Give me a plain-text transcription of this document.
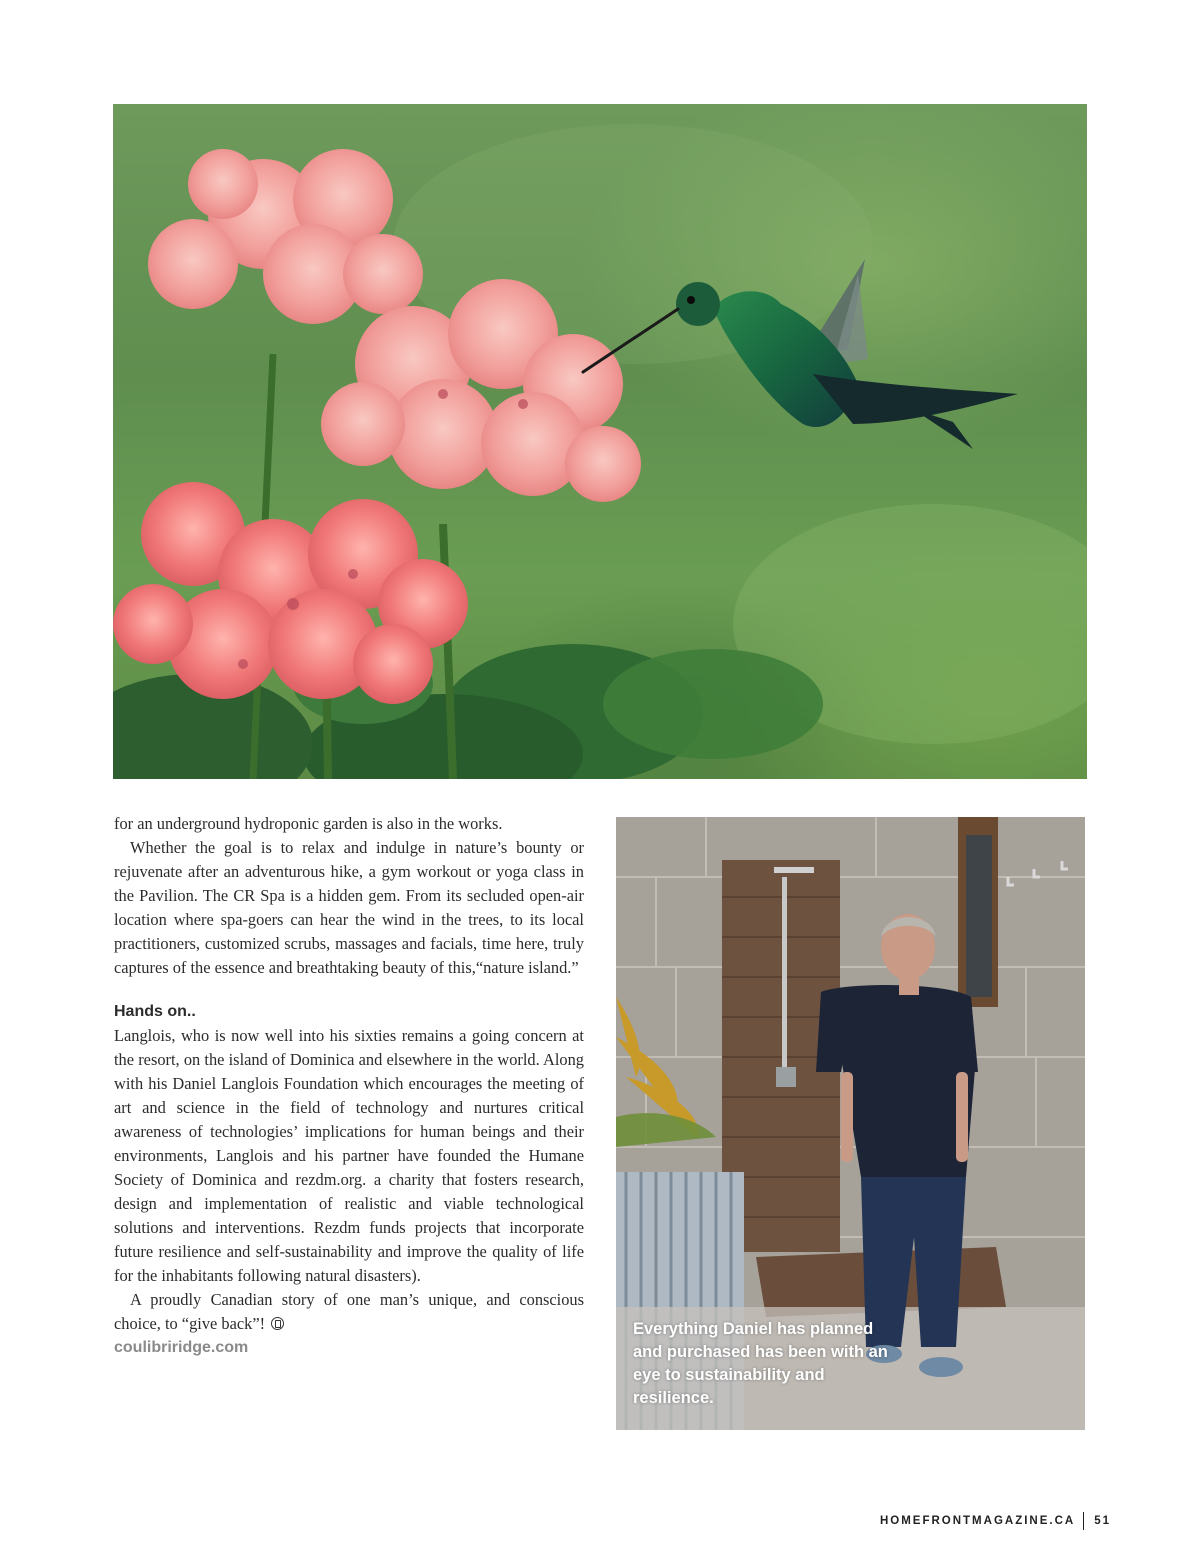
for an underground hydroponic garden is also in the works.

Whether the goal is to relax and indulge in nature’s bounty or rejuvenate after an adventurous hike, a gym workout or yoga class in the Pavilion. The CR Spa is a hidden gem. From its secluded open-air location where spa-goers can hear the wind in the trees, to its local practitioners, customized scrubs, massages and facials, time here, truly captures of the essence and breathtaking beauty of this,“nature island.”

Hands on..

Langlois, who is now well into his sixties remains a going concern at the resort, on the island of Dominica and elsewhere in the world. Along with his Daniel Langlois Foundation which encourages the meeting of art and science in the field of technology and nurtures critical awareness of technologies’ implications for human beings and their environments, Langlois and his partner have founded the Humane Society of Dominica and rezdm.org. a charity that fosters research, design and implementation of realistic and viable technological solutions and interventions. Rezdm funds projects that incorporate future resilience and self-sustainability and improve the quality of life for the inhabitants following natural disasters).

A proudly Canadian story of one man’s unique, and conscious choice, to “give back”!

coulibriridge.com
Everything Daniel has planned and purchased has been with an eye to sustainability and resilience.
HOMEFRONTMAGAZINE.CA 51
